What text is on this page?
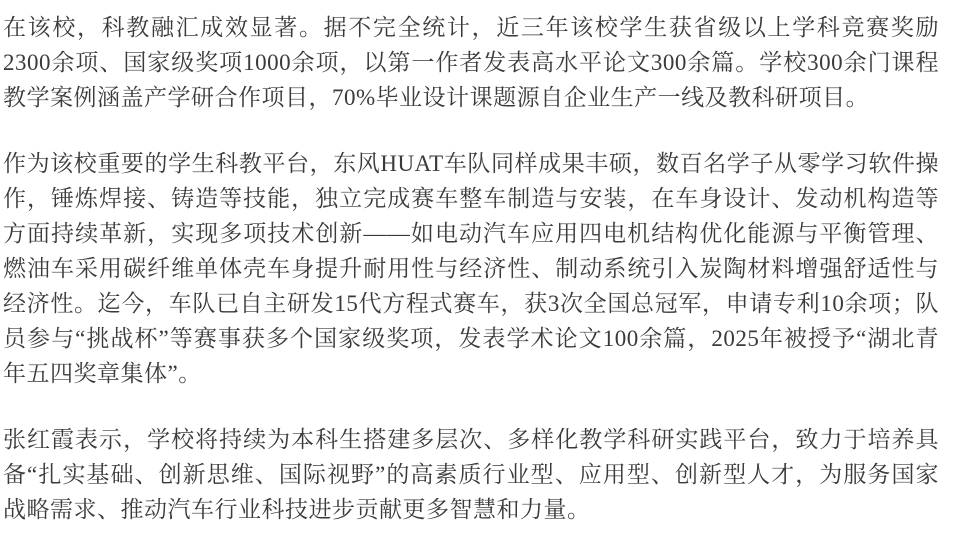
在该校，科教融汇成效显著。据不完全统计，近三年该校学生获省级以上学科竞赛奖励2300余项、国家级奖项1000余项，以第一作者发表高水平论文300余篇。学校300余门课程教学案例涵盖产学研合作项目，70%毕业设计课题源自企业生产一线及教科研项目。

作为该校重要的学生科教平台，东风HUAT车队同样成果丰硕，数百名学子从零学习软件操作，锤炼焊接、铸造等技能，独立完成赛车整车制造与安装，在车身设计、发动机构造等方面持续革新，实现多项技术创新——如电动汽车应用四电机结构优化能源与平衡管理、燃油车采用碳纤维单体壳车身提升耐用性与经济性、制动系统引入炭陶材料增强舒适性与经济性。迄今，车队已自主研发15代方程式赛车，获3次全国总冠军，申请专利10余项；队员参与“挑战杯”等赛事获多个国家级奖项，发表学术论文100余篇，2025年被授予“湖北青年五四奖章集体”。

张红霞表示，学校将持续为本科生搭建多层次、多样化教学科研实践平台，致力于培养具备“扎实基础、创新思维、国际视野”的高素质行业型、应用型、创新型人才，为服务国家战略需求、推动汽车行业科技进步贡献更多智慧和力量。
